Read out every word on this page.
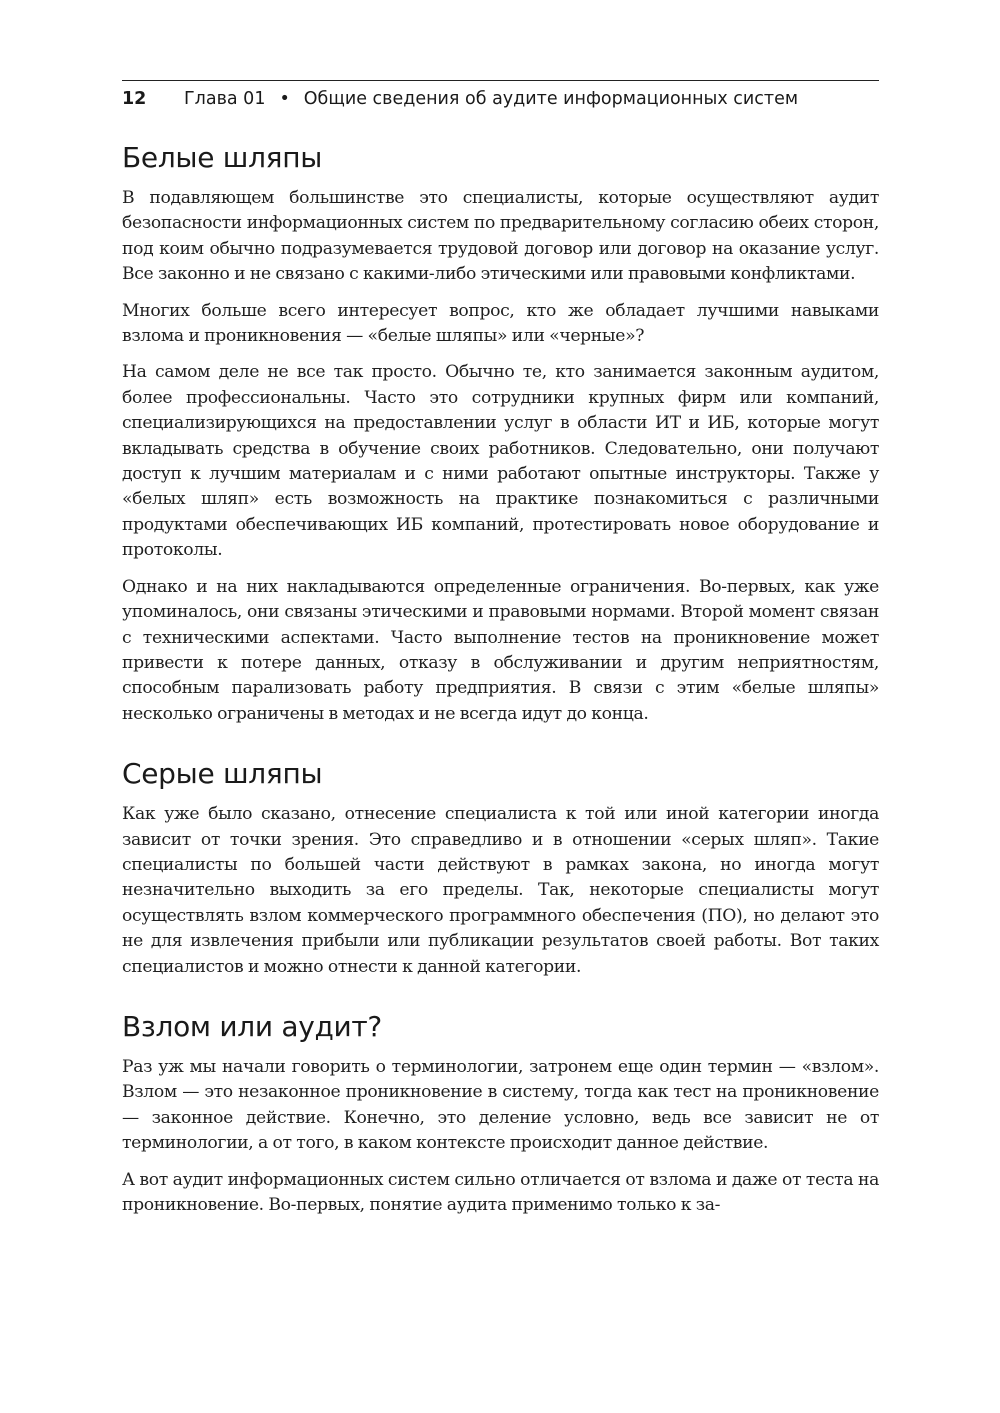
12	Глава 01 • Общие сведения об аудите информационных систем
Белые шляпы

В подавляющем большинстве это специалисты, которые осуществляют аудит безопасности информационных систем по предварительному согласию обеих сторон, под коим обычно подразумевается трудовой договор или договор на оказание услуг. Все законно и не связано с какими-либо этическими или правовыми конфликтами.

Многих больше всего интересует вопрос, кто же обладает лучшими навыками взлома и проникновения — «белые шляпы» или «черные»?

На самом деле не все так просто. Обычно те, кто занимается законным аудитом, более профессиональны. Часто это сотрудники крупных фирм или компаний, специализирующихся на предоставлении услуг в области ИТ и ИБ, которые могут вкладывать средства в обучение своих работников. Следовательно, они получают доступ к лучшим материалам и с ними работают опытные инструкторы. Также у «белых шляп» есть возможность на практике познакомиться с различными продуктами обеспечивающих ИБ компаний, протестировать новое оборудование и протоколы.

Однако и на них накладываются определенные ограничения. Во-первых, как уже упоминалось, они связаны этическими и правовыми нормами. Второй момент связан с техническими аспектами. Часто выполнение тестов на проникновение может привести к потере данных, отказу в обслуживании и другим неприятностям, способным парализовать работу предприятия. В связи с этим «белые шляпы» несколько ограничены в методах и не всегда идут до конца.

Серые шляпы

Как уже было сказано, отнесение специалиста к той или иной категории иногда зависит от точки зрения. Это справедливо и в отношении «серых шляп». Такие специалисты по большей части действуют в рамках закона, но иногда могут незначительно выходить за его пределы. Так, некоторые специалисты могут осуществлять взлом коммерческого программного обеспечения (ПО), но делают это не для извлечения прибыли или публикации результатов своей работы. Вот таких специалистов и можно отнести к данной категории.

Взлом или аудит?

Раз уж мы начали говорить о терминологии, затронем еще один термин — «взлом». Взлом — это незаконное проникновение в систему, тогда как тест на проникновение — законное действие. Конечно, это деление условно, ведь все зависит не от терминологии, а от того, в каком контексте происходит данное действие.

А вот аудит информационных систем сильно отличается от взлома и даже от теста на проникновение. Во-первых, понятие аудита применимо только к за-
